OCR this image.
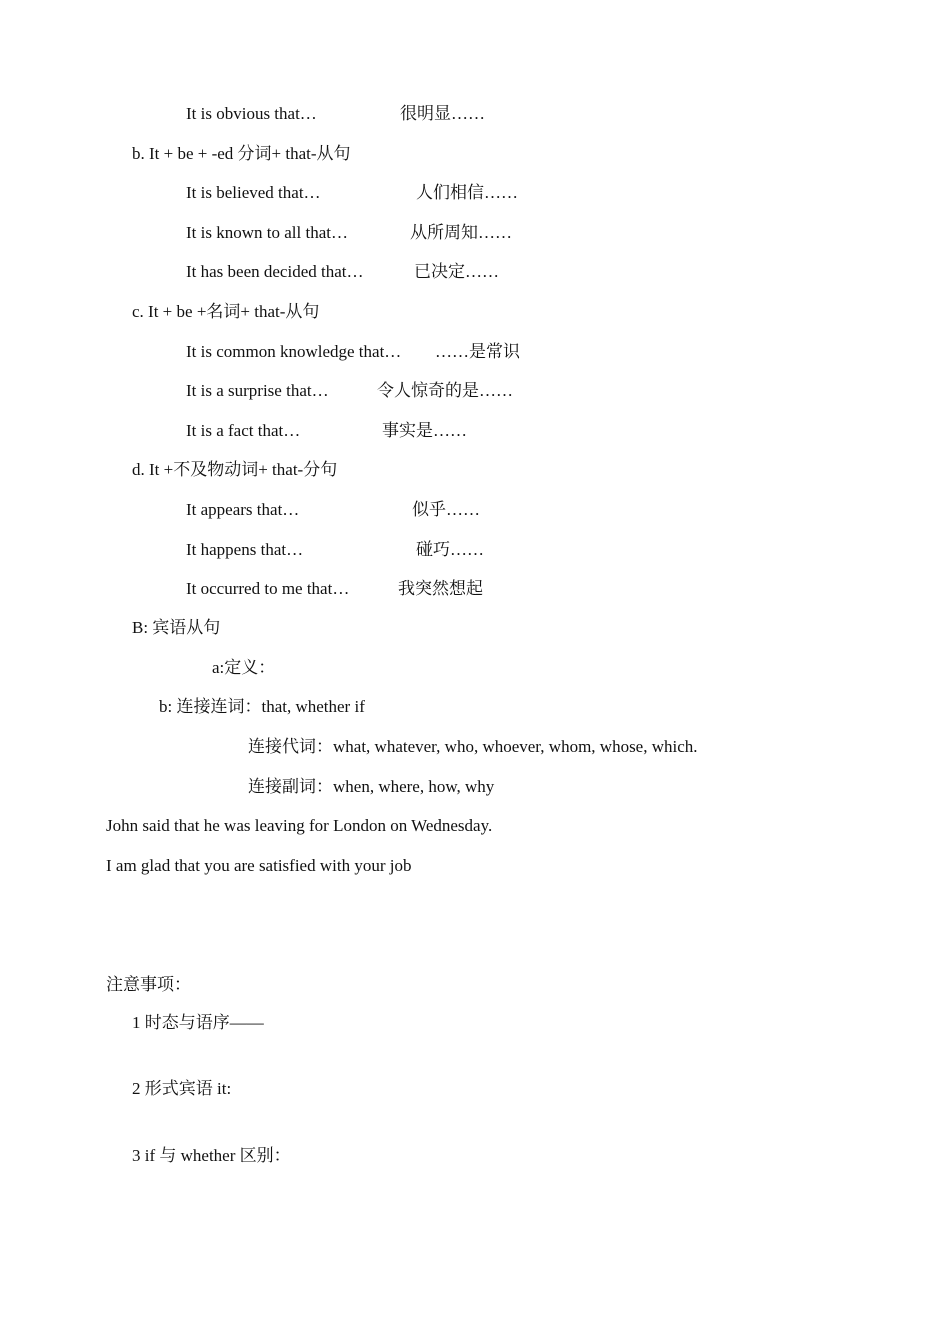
It is obvious that…	很明显……
b. It + be + -ed 分词+ that-从句
It is believed that…	人们相信……
It is known to all that…	从所周知……
It has been decided that…	已决定……
c. It + be +名词+ that-从句
It is common knowledge that… ……是常识
It is a surprise that…	令人惊奇的是……
It is a fact that…	事实是……
d. It +不及物动词+ that-分句
It appears that…	似乎……
It happens that…	碰巧……
It occurred to me that…	我突然想起
B: 宾语从句
a:定义：
b: 连接连词：that, whether if
连接代词：what, whatever, who, whoever, whom, whose, which.
连接副词：when, where, how, why
John said that he was leaving for London on Wednesday.
I am glad that you are satisfied with your job
注意事项：
1 时态与语序——
2 形式宾语 it:
3 if 与 whether 区别：
